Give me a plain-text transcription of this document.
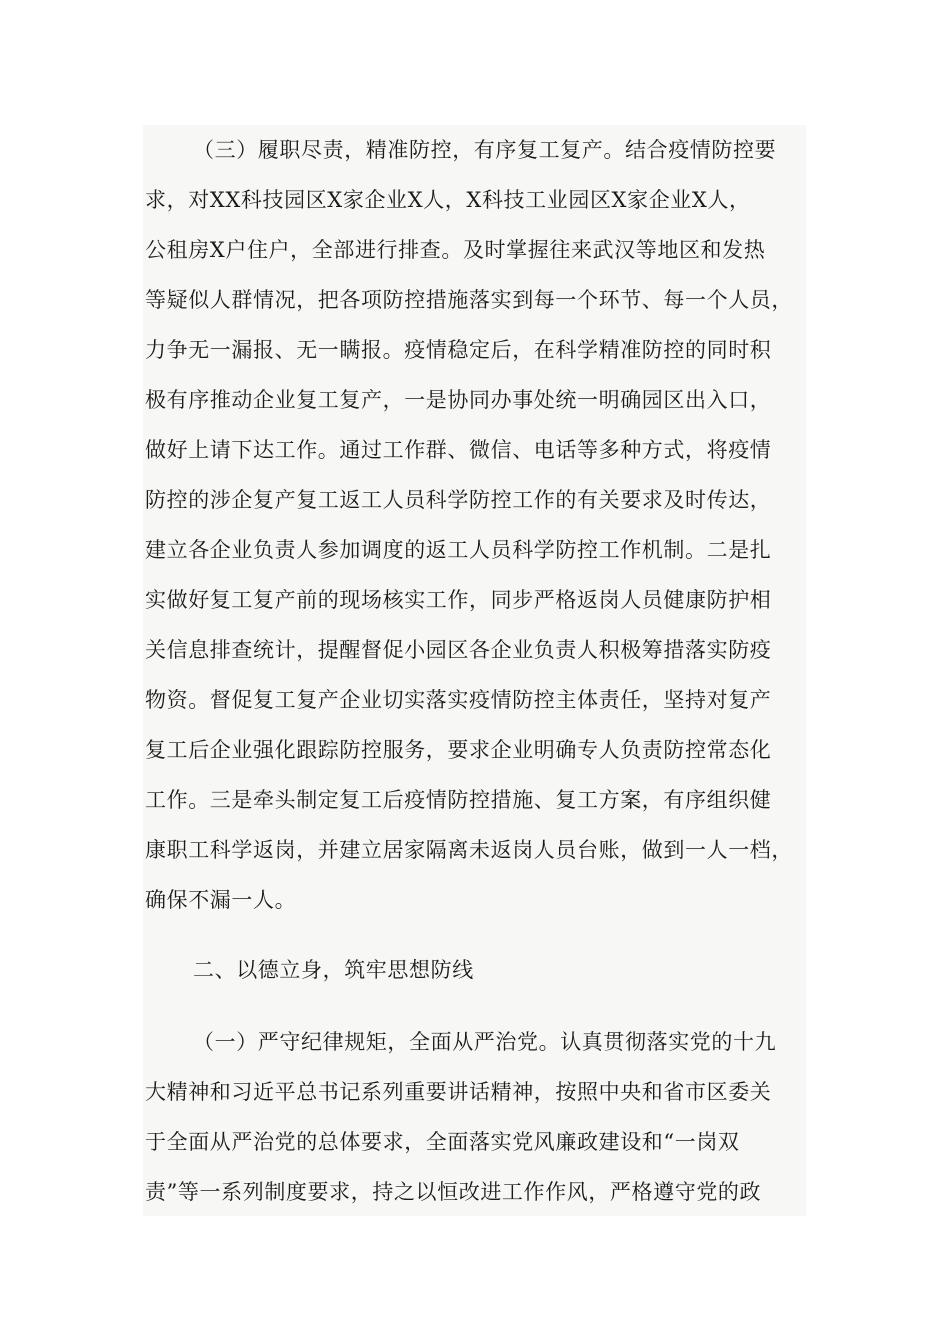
（三）履职尽责，精准防控，有序复工复产。结合疫情防控要
求，对XX科技园区X家企业X人，X科技工业园区X家企业X人，
公租房X户住户，全部进行排查。及时掌握往来武汉等地区和发热
等疑似人群情况，把各项防控措施落实到每一个环节、每一个人员，
力争无一漏报、无一瞒报。疫情稳定后，在科学精准防控的同时积
极有序推动企业复工复产，一是协同办事处统一明确园区出入口，
做好上请下达工作。通过工作群、微信、电话等多种方式，将疫情
防控的涉企复产复工返工人员科学防控工作的有关要求及时传达，
建立各企业负责人参加调度的返工人员科学防控工作机制。二是扎
实做好复工复产前的现场核实工作，同步严格返岗人员健康防护相
关信息排查统计，提醒督促小园区各企业负责人积极筹措落实防疫
物资。督促复工复产企业切实落实疫情防控主体责任，坚持对复产
复工后企业强化跟踪防控服务，要求企业明确专人负责防控常态化
工作。三是牵头制定复工后疫情防控措施、复工方案，有序组织健
康职工科学返岗，并建立居家隔离未返岗人员台账，做到一人一档，
确保不漏一人。
二、以德立身，筑牢思想防线
（一）严守纪律规矩，全面从严治党。认真贯彻落实党的十九
大精神和习近平总书记系列重要讲话精神，按照中央和省市区委关
于全面从严治党的总体要求，全面落实党风廉政建设和“一岗双
责”等一系列制度要求，持之以恒改进工作作风，严格遵守党的政
